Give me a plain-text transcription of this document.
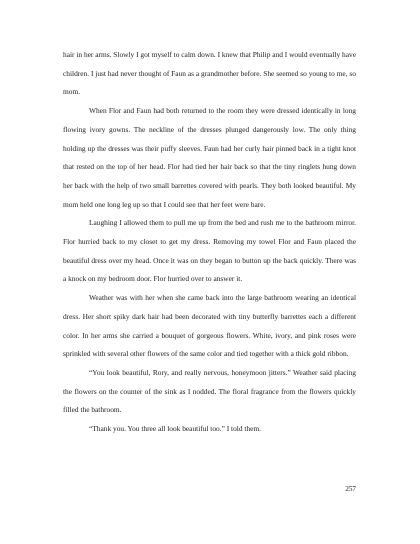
hair in her arms. Slowly I got myself to calm down. I knew that Philip and I would eventually have children. I just had never thought of Faun as a grandmother before. She seemed so young to me, so mom.

When Flor and Faun had both returned to the room they were dressed identically in long flowing ivory gowns. The neckline of the dresses plunged dangerously low. The only thing holding up the dresses was their puffy sleeves. Faun had her curly hair pinned back in a tight knot that rested on the top of her head. Flor had tied her hair back so that the tiny ringlets hung down her back with the help of two small barrettes covered with pearls. They both looked beautiful. My mom held one long leg up so that I could see that her feet were bare.

Laughing I allowed them to pull me up from the bed and rush me to the bathroom mirror. Flor hurried back to my closet to get my dress. Removing my towel Flor and Faun placed the beautiful dress over my head. Once it was on they began to button up the back quickly. There was a knock on my bedroom door. Flor hurried over to answer it.

Weather was with her when she came back into the large bathroom wearing an identical dress. Her short spiky dark hair had been decorated with tiny butterfly barrettes each a different color. In her arms she carried a bouquet of gorgeous flowers. White, ivory, and pink roses were sprinkled with several other flowers of the same color and tied together with a thick gold ribbon.

“You look beautiful, Rory, and really nervous, honeymoon jitters.” Weather said placing the flowers on the counter of the sink as I nodded. The floral fragrance from the flowers quickly filled the bathroom.

“Thank you. You three all look beautiful too.” I told them.

257
